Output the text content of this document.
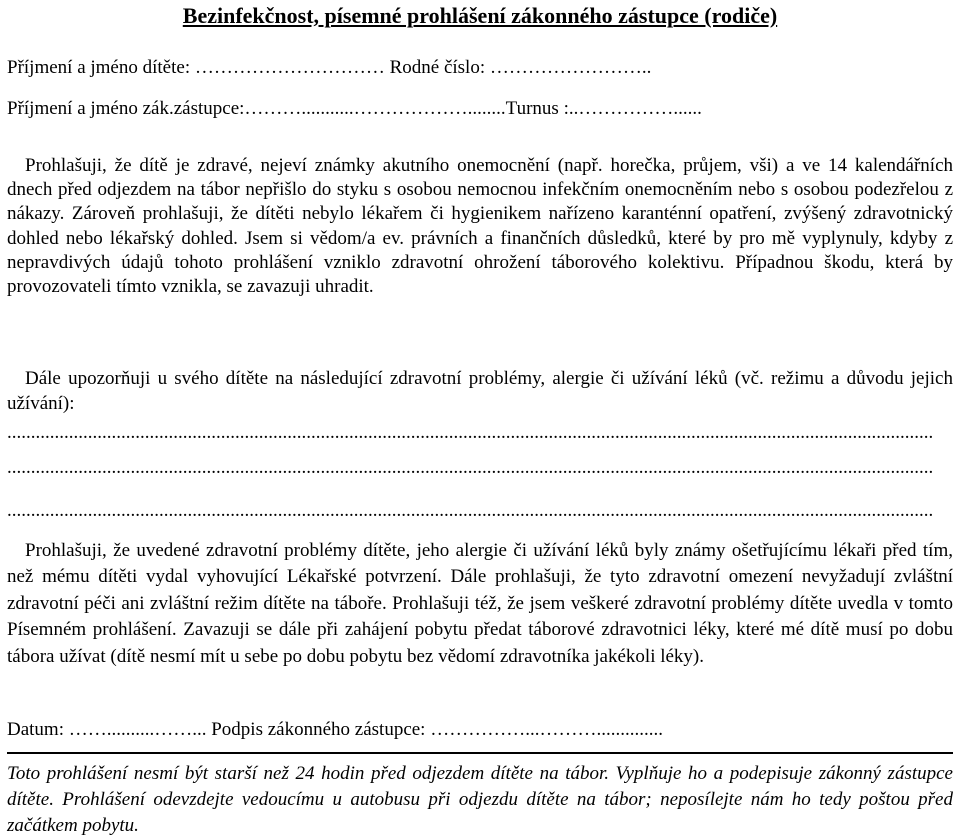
Bezinfekčnost, písemné prohlášení zákonného zástupce (rodiče)
Příjmení a jméno dítěte: ………………………… Rodné číslo: ……………………..
Příjmení a jméno zák.zástupce:………...........………………........Turnus :..……………......
Prohlašuji, že dítě je zdravé, nejeví známky akutního onemocnění (např. horečka, průjem, vši) a ve 14 kalendářních dnech před odjezdem na tábor nepřišlo do styku s osobou nemocnou infekčním onemocněním nebo s osobou podezřelou z nákazy. Zároveň prohlašuji, že dítěti nebylo lékařem či hygienikem nařízeno karanténní opatření, zvýšený zdravotnický dohled nebo lékařský dohled. Jsem si vědom/a ev. právních a finančních důsledků, které by pro mě vyplynuly, kdyby z nepravdivých údajů tohoto prohlášení vzniklo zdravotní ohrožení táborového kolektivu. Případnou škodu, která by provozovateli tímto vznikla, se zavazuji uhradit.
Dále upozorňuji u svého dítěte na následující zdravotní problémy, alergie či užívání léků (vč. režimu a důvodu jejich užívání):
...................................................................................................................................................................................................
...................................................................................................................................................................................................
...................................................................................................................................................................................................
Prohlašuji, že uvedené zdravotní problémy dítěte, jeho alergie či užívání léků byly známy ošetřujícímu lékaři před tím, než mému dítěti vydal vyhovující Lékařské potvrzení. Dále prohlašuji, že tyto zdravotní omezení nevyžadují zvláštní zdravotní péči ani zvláštní režim dítěte na táboře. Prohlašuji též, že jsem veškeré zdravotní problémy dítěte uvedla v tomto Písemném prohlášení. Zavazuji se dále při zahájení pobytu předat táborové zdravotnici léky, které mé dítě musí po dobu tábora užívat (dítě nesmí mít u sebe po dobu pobytu bez vědomí zdravotníka jakékoli léky).
Datum: ……..........……... Podpis zákonného zástupce: ……………...………..............
Toto prohlášení nesmí být starší než 24 hodin před odjezdem dítěte na tábor. Vyplňuje ho a podepisuje zákonný zástupce dítěte. Prohlášení odevzdejte vedoucímu u autobusu při odjezdu dítěte na tábor; neposílejte nám ho tedy poštou před začátkem pobytu.
